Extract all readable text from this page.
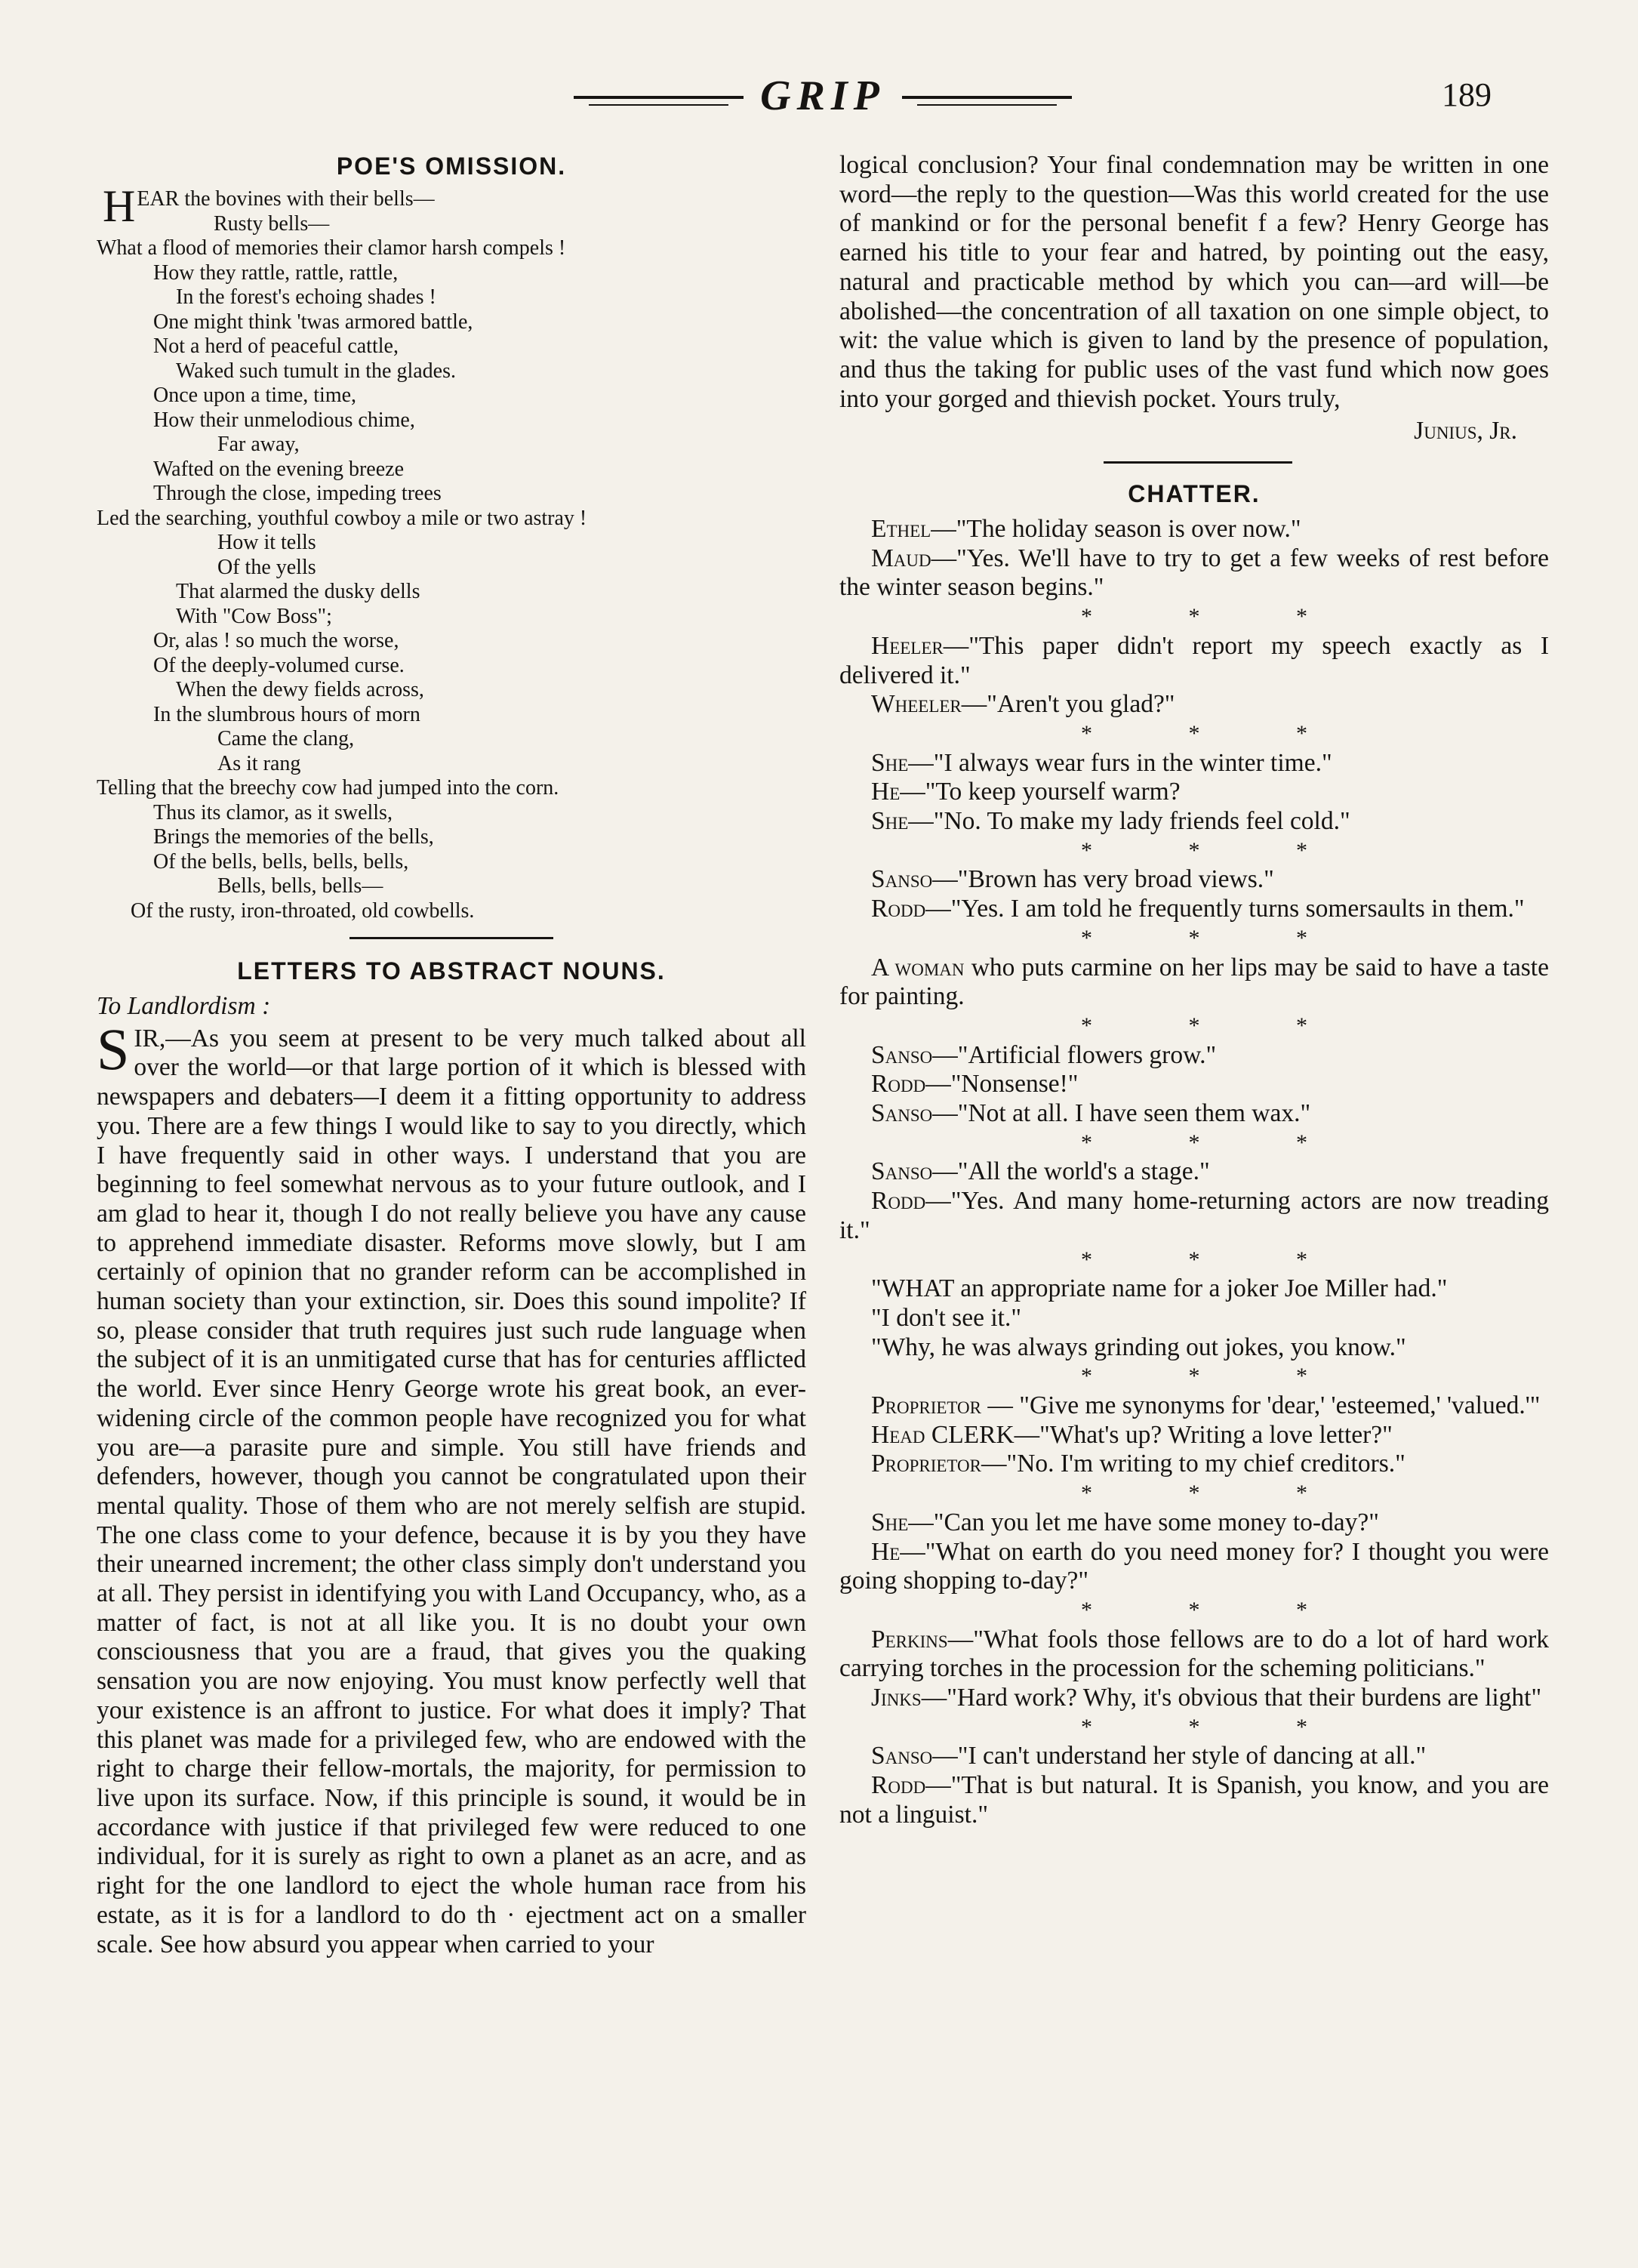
GRIP	189
POE'S OMISSION.
HEAR the bovines with their bells—
Rusty bells—
What a flood of memories their clamor harsh compels !
How they rattle, rattle, rattle,
In the forest's echoing shades !
One might think 'twas armored battle,
Not a herd of peaceful cattle,
Waked such tumult in the glades.
Once upon a time, time,
How their unmelodious chime,
Far away,
Wafted on the evening breeze
Through the close, impeding trees
Led the searching, youthful cowboy a mile or two astray !
How it tells
Of the yells
That alarmed the dusky dells
With "Cow Boss";
Or, alas ! so much the worse,
Of the deeply-volumed curse.
When the dewy fields across,
In the slumbrous hours of morn
Came the clang,
As it rang
Telling that the breechy cow had jumped into the corn.
Thus its clamor, as it swells,
Brings the memories of the bells,
Of the bells, bells, bells, bells,
Bells, bells, bells—
Of the rusty, iron-throated, old cowbells.
LETTERS TO ABSTRACT NOUNS.
To Landlordism :

SIR,—As you seem at present to be very much talked about all over the world—or that large portion of it which is blessed with newspapers and debaters—I deem it a fitting opportunity to address you. There are a few things I would like to say to you directly, which I have frequently said in other ways. I understand that you are beginning to feel somewhat nervous as to your future outlook, and I am glad to hear it, though I do not really believe you have any cause to apprehend immediate disaster. Reforms move slowly, but I am certainly of opinion that no grander reform can be accomplished in human society than your extinction, sir. Does this sound impolite? If so, please consider that truth requires just such rude language when the subject of it is an unmitigated curse that has for centuries afflicted the world. Ever since Henry George wrote his great book, an ever-widening circle of the common people have recognized you for what you are—a parasite pure and simple. You still have friends and defenders, however, though you cannot be congratulated upon their mental quality. Those of them who are not merely selfish are stupid. The one class come to your defence, because it is by you they have their unearned increment; the other class simply don't understand you at all. They persist in identifying you with Land Occupancy, who, as a matter of fact, is not at all like you. It is no doubt your own consciousness that you are a fraud, that gives you the quaking sensation you are now enjoying. You must know perfectly well that your existence is an affront to justice. For what does it imply? That this planet was made for a privileged few, who are endowed with the right to charge their fellow-mortals, the majority, for permission to live upon its surface. Now, if this principle is sound, it would be in accordance with justice if that privileged few were reduced to one individual, for it is surely as right to own a planet as an acre, and as right for the one landlord to eject the whole human race from his estate, as it is for a landlord to do th · ejectment act on a smaller scale. See how absurd you appear when carried to your

logical conclusion? Your final condemnation may be written in one word—the reply to the question—Was this world created for the use of mankind or for the personal benefit f a few? Henry George has earned his title to your fear and hatred, by pointing out the easy, natural and practicable method by which you can—ard will—be abolished—the concentration of all taxation on one simple object, to wit: the value which is given to land by the presence of population, and thus the taking for public uses of the vast fund which now goes into your gorged and thievish pocket. Yours truly,

Junius, Jr.
CHATTER.

Ethel—"The holiday season is over now."

Maud—"Yes. We'll have to try to get a few weeks of rest before the winter season begins."

* * *

Heeler—"This paper didn't report my speech exactly as I delivered it."

Wheeler—"Aren't you glad?"

* * *

She—"I always wear furs in the winter time."

He—"To keep yourself warm?

She—"No. To make my lady friends feel cold."

* * *

Sanso—"Brown has very broad views."

Rodd—"Yes. I am told he frequently turns somersaults in them."

* * *

A woman who puts carmine on her lips may be said to have a taste for painting.

* * *

Sanso—"Artificial flowers grow."

Rodd—"Nonsense!"

Sanso—"Not at all. I have seen them wax."

* * *

Sanso—"All the world's a stage."

Rodd—"Yes. And many home-returning actors are now treading it."

* * *

"WHAT an appropriate name for a joker Joe Miller had."

"I don't see it."

"Why, he was always grinding out jokes, you know."

* * *

Proprietor — "Give me synonyms for 'dear,' 'esteemed,' 'valued.'"

Head CLERK—"What's up? Writing a love letter?"

Proprietor—"No. I'm writing to my chief creditors."

* * *

She—"Can you let me have some money to-day?"

He—"What on earth do you need money for? I thought you were going shopping to-day?"

* * *

Perkins—"What fools those fellows are to do a lot of hard work carrying torches in the procession for the scheming politicians."

Jinks—"Hard work? Why, it's obvious that their burdens are light"

* * *

Sanso—"I can't understand her style of dancing at all."

Rodd—"That is but natural. It is Spanish, you know, and you are not a linguist."
